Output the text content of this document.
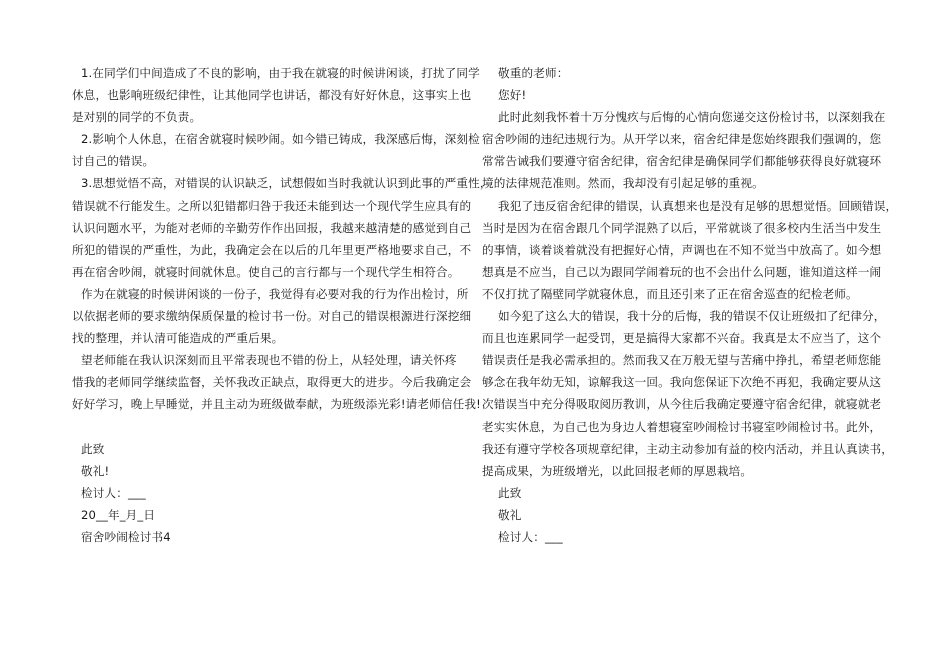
1.在同学们中间造成了不良的影响，由于我在就寝的时候讲闲谈，打扰了同学
休息，也影响班级纪律性，让其他同学也讲话，都没有好好休息，这事实上也
是对别的同学的不负责。
2.影响个人休息，在宿舍就寝时候吵闹。如今错已铸成，我深感后悔，深刻检
讨自己的错误。
3.思想觉悟不高，对错误的认识缺乏，试想假如当时我就认识到此事的严重性，
错误就不行能发生。之所以犯错都归咎于我还未能到达一个现代学生应具有的
认识问题水平，为能对老师的辛勤劳作作出回报，我越来越清楚的感觉到自己
所犯的错误的严重性，为此，我确定会在以后的几年里更严格地要求自己，不
再在宿舍吵闹，就寝时间就休息。使自己的言行都与一个现代学生相符合。
作为在就寝的时候讲闲谈的一份子，我觉得有必要对我的行为作出检讨，所
以依据老师的要求缴纳保质保量的检讨书一份。对自己的错误根源进行深挖细
找的整理，并认清可能造成的严重后果。
望老师能在我认识深刻而且平常表现也不错的份上，从轻处理，请关怀疼
惜我的老师同学继续监督，关怀我改正缺点，取得更大的进步。今后我确定会
好好学习，晚上早睡觉，并且主动为班级做奉献，为班级添光彩!请老师信任我!
此致
敬礼!
检讨人：___
20__年_月_日
宿舍吵闹检讨书4
敬重的老师：
您好!
此时此刻我怀着十万分愧疚与后悔的心情向您递交这份检讨书，以深刻我在
宿舍吵闹的违纪违规行为。从开学以来，宿舍纪律是您始终跟我们强调的，您
常常告诫我们要遵守宿舍纪律，宿舍纪律是确保同学们都能够获得良好就寝环
境的法律规范准则。然而，我却没有引起足够的重视。
我犯了违反宿舍纪律的错误，认真想来也是没有足够的思想觉悟。回顾错误，
当时是因为在宿舍跟几个同学混熟了以后，平常就谈了很多校内生活当中发生
的事情，谈着谈着就没有把握好心情，声调也在不知不觉当中放高了。如今想
想真是不应当，自己以为跟同学闹着玩的也不会出什么问题，谁知道这样一闹
不仅打扰了隔壁同学就寝休息，而且还引来了正在宿舍巡查的纪检老师。
如今犯了这么大的错误，我十分的后悔，我的错误不仅让班级扣了纪律分，
而且也连累同学一起受罚，更是搞得大家都不兴奋。我真是太不应当了，这个
错误责任是我必需承担的。然而我又在万般无望与苦痛中挣扎，希望老师您能
够念在我年幼无知，谅解我这一回。我向您保证下次绝不再犯，我确定要从这
次错误当中充分得吸取阅历教训，从今往后我确定要遵守宿舍纪律，就寝就老
老实实休息，为自己也为身边人着想寝室吵闹检讨书寝室吵闹检讨书。此外，
我还有遵守学校各项规章纪律，主动主动参加有益的校内活动，并且认真读书，
提高成果，为班级增光，以此回报老师的厚恩栽培。
此致
敬礼
检讨人：___
